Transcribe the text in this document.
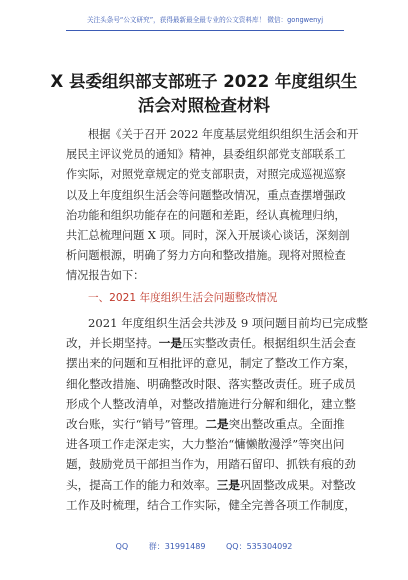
关注头条号“公文研究”，获得最新最全最专业的公文资料库！ 微信：gongwenyj
X 县委组织部支部班子 2022 年度组织生
活会对照检查材料
根据《关于召开 2022 年度基层党组织组织生活会和开
展民主评议党员的通知》精神，县委组织部党支部联系工
作实际，对照党章规定的党支部职责，对照完成巡视巡察
以及上年度组织生活会等问题整改情况，重点查摆增强政
治功能和组织功能存在的问题和差距，经认真梳理归纳，
共汇总梳理问题 X 项。同时，深入开展谈心谈话，深刻剖
析问题根源，明确了努力方向和整改措施。现将对照检查
情况报告如下：
一、2021 年度组织生活会问题整改情况
2021 年度组织生活会共涉及 9 项问题目前均已完成整
改，并长期坚持。一是压实整改责任。根据组织生活会查
摆出来的问题和互相批评的意见，制定了整改工作方案，
细化整改措施、明确整改时限、落实整改责任。班子成员
形成个人整改清单，对整改措施进行分解和细化，建立整
改台账，实行“销号”管理。二是突出整改重点。全面推
进各项工作走深走实，大力整治“慵懒散漫浮”等突出问
题，鼓励党员干部担当作为，用踏石留印、抓铁有痕的劲
头，提高工作的能力和效率。三是巩固整改成果。对整改
工作及时梳理，结合工作实际，健全完善各项工作制度，
QQ 群：31991489	QQ：535304092
